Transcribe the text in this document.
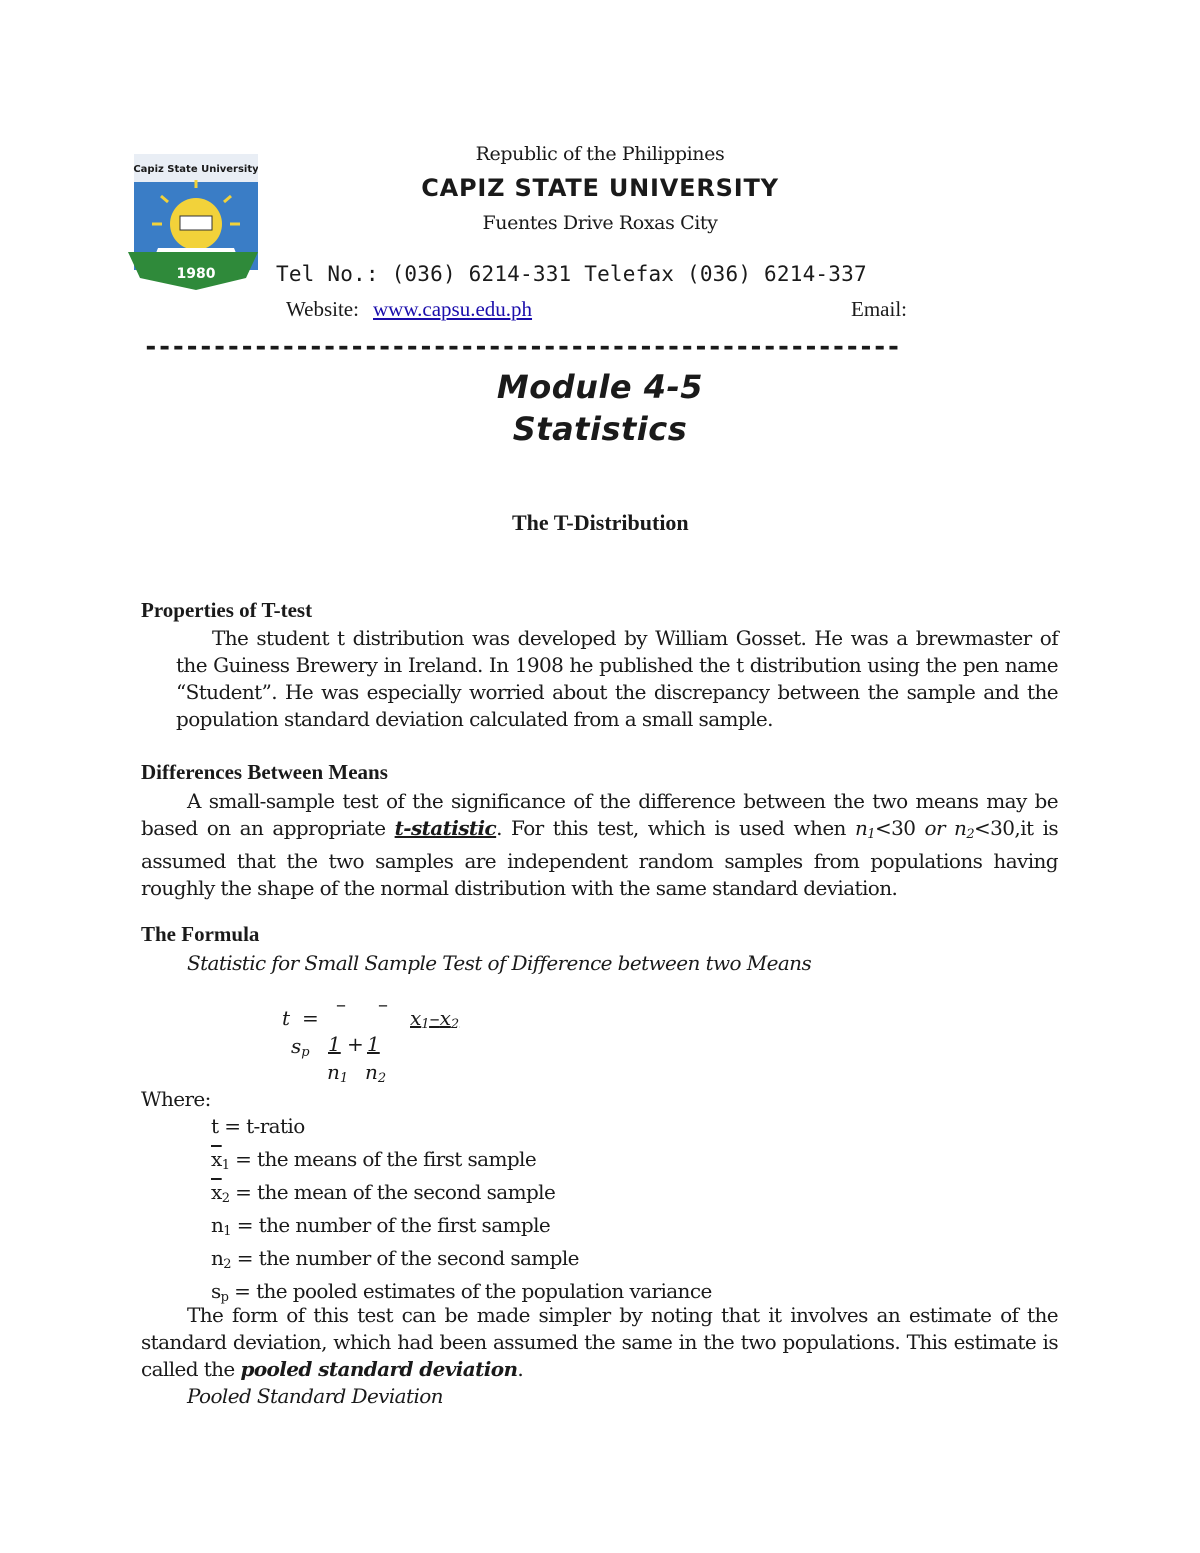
1980
Capiz State University
Republic of the Philippines
CAPIZ STATE UNIVERSITY
Fuentes Drive Roxas City
Tel No.: (036) 6214-331 Telefax (036) 6214-337
Website: www.capsu.edu.ph	Email:
-------------------------------------------------------
Module 4-5
Statistics
The T-Distribution
Properties of T-test
The student t distribution was developed by William Gosset. He was a brewmaster of the Guiness Brewery in Ireland. In 1908 he published the t distribution using the pen name “Student”. He was especially worried about the discrepancy between the sample and the population standard deviation calculated from a small sample.
Differences Between Means
A small-sample test of the significance of the difference between the two means may be based on an appropriate t-statistic. For this test, which is used when $n_1<30$ or $n_2<30,it$ is assumed that the two samples are independent random samples from populations having roughly the shape of the normal distribution with the same standard deviation.
The Formula
Statistic for Small Sample Test of Difference between two Means
t =
– –
$x_1-x_2$
$s_p$ 1 + 1
$n_1$ $n_2$
Where:
t = t-ratio
$\overline{x}_1$ = the means of the first sample
$\overline{x}_2$ = the mean of the second sample
$n_1$ = the number of the first sample
$n_2$ = the number of the second sample
$s_p$ = the pooled estimates of the population variance
The form of this test can be made simpler by noting that it involves an estimate of the standard deviation, which had been assumed the same in the two populations. This estimate is called the pooled standard deviation.
Pooled Standard Deviation
